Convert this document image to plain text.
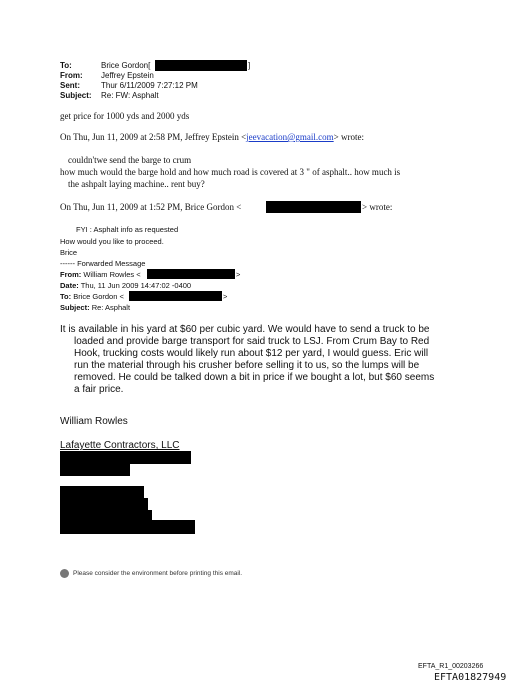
To:	Brice Gordon[	]
From: Jeffrey Epstein
Sent:	Thur 6/11/2009 7:27:12 PM
Subject: Re: FW: Asphalt
get price for 1000 yds and 2000 yds
On Thu, Jun 11, 2009 at 2:58 PM, Jeffrey Epstein <jeevacation@gmail.com> wrote:
couldn'twe send the barge to crum
how much would the barge hold and how much road is covered at 3 " of asphalt.. how much is
the ashpalt laying machine.. rent buy?
On Thu, Jun 11, 2009 at 1:52 PM, Brice Gordon <	> wrote:
FYI : Asphalt info as requested
How would you like to proceed.
Brice
------ Forwarded Message
From: William Rowles <	>
Date: Thu, 11 Jun 2009 14:47:02 -0400
To: Brice Gordon <	>
Subject: Re: Asphalt
It is available in his yard at $60 per cubic yard. We would have to send a truck to be
loaded and provide barge transport for said truck to LSJ. From Crum Bay to Red
Hook, trucking costs would likely run about $12 per yard, I would guess. Eric will
run the material through his crusher before selling it to us, so the lumps will be
removed. He could be talked down a bit in price if we bought a lot, but $60 seems
a fair price.
William Rowles
Lafayette Contractors, LLC
Please consider the environment before printing this email.
EFTA_R1_00203266
EFTA01827949
